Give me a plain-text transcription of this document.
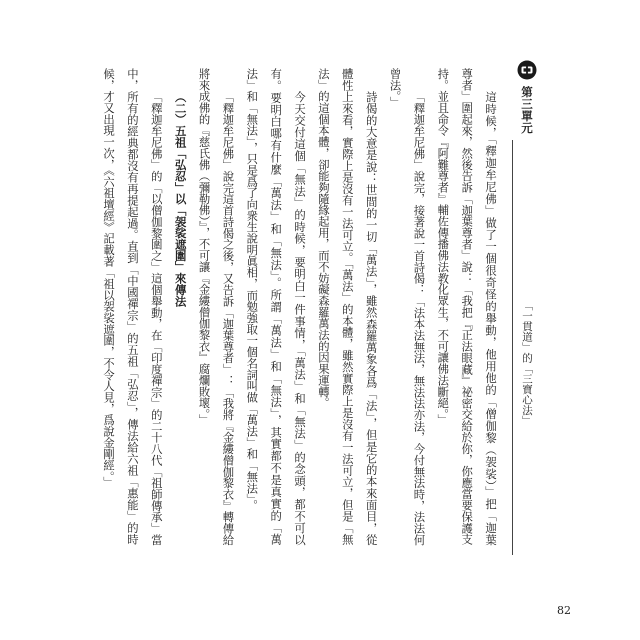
第三單元
「一貫道」的「三寶心法」
這時候，「釋迦牟尼佛」做了一個很奇怪的舉動，他用他的「僧伽黎（袈裟）」把「迦葉
尊者」圍起來，然後告訴「迦葉尊者」說：「我把『正法眼藏』祕密交給於你，你應當要保護支
持。並且命令『阿難尊者』輔佐傳播佛法教化眾生，不可讓佛法斷絕。」
「釋迦牟尼佛」說完，接著說一首詩偈：「法本法無法，無法法亦法，今付無法時，法法何
曾法。」
詩偈的大意是說：世間的一切「萬法」，雖然森羅萬象各爲「法」，但是它的本來面目，從
體性上來看，實際上是沒有一法可立。「萬法」的本體，雖然實際上是沒有一法可立，但是「無
法」的這個本體，卻能夠隨緣起用，而不妨礙森羅萬法的因果運轉。
今天交付這個「無法」的時候，要明白一件事情，「萬法」和「無法」的念頭，都不可以
有。要明白哪有什麼「萬法」和「無法」。所謂「萬法」和「無法」，其實都不是真實的「萬
法」和「無法」，只是爲了向衆生說明眞相，而勉強取一個名詞叫做「萬法」和「無法」。
「釋迦牟尼佛」說完這首詩偈之後，又告訴「迦葉尊者」：「我將『金縷僧伽黎衣』轉傳給
將來成佛的『慈氏佛（彌勒佛）』，不可讓『金縷僧伽黎衣』腐爛敗壞。」
（二）五祖「弘忍」以「袈裟遮圍」來傳法
「釋迦牟尼佛」的「以僧伽黎圍之」這個舉動，在「印度禪宗」的二十八代「祖師傳承」當
中，所有的經典都沒有再提起過。直到「中國禪宗」的五祖「弘忍」，傳法給六祖「惠能」的時
候，才又出現一次，《六祖壇經》記載著「祖以袈裟遮圍，不令人見，爲說金剛經。」
82
